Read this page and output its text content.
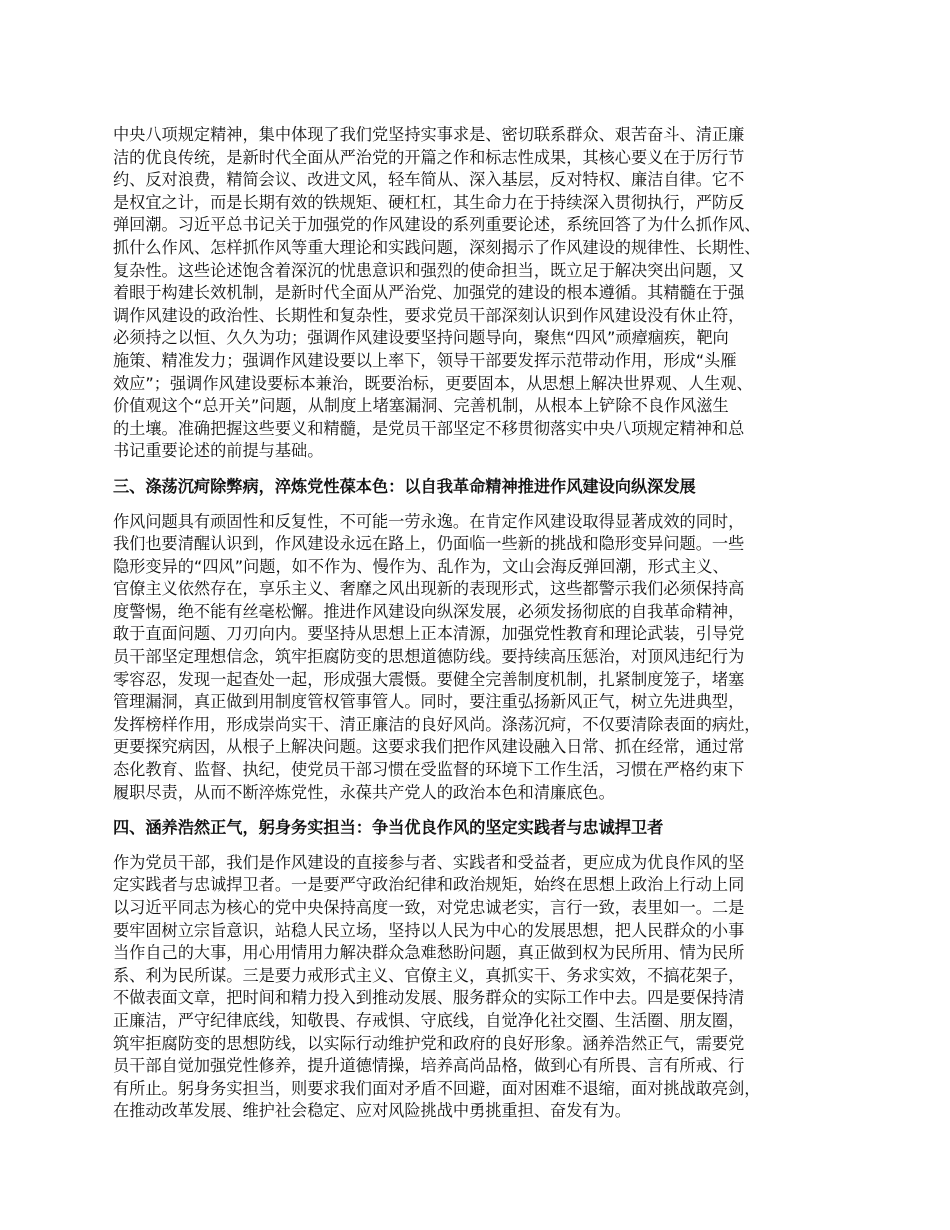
中央八项规定精神，集中体现了我们党坚持实事求是、密切联系群众、艰苦奋斗、清正廉
洁的优良传统，是新时代全面从严治党的开篇之作和标志性成果，其核心要义在于厉行节
约、反对浪费，精简会议、改进文风，轻车简从、深入基层，反对特权、廉洁自律。它不
是权宜之计，而是长期有效的铁规矩、硬杠杠，其生命力在于持续深入贯彻执行，严防反
弹回潮。习近平总书记关于加强党的作风建设的系列重要论述，系统回答了为什么抓作风、
抓什么作风、怎样抓作风等重大理论和实践问题，深刻揭示了作风建设的规律性、长期性、
复杂性。这些论述饱含着深沉的忧患意识和强烈的使命担当，既立足于解决突出问题，又
着眼于构建长效机制，是新时代全面从严治党、加强党的建设的根本遵循。其精髓在于强
调作风建设的政治性、长期性和复杂性，要求党员干部深刻认识到作风建设没有休止符，
必须持之以恒、久久为功；强调作风建设要坚持问题导向，聚焦“四风”顽瘴痼疾，靶向
施策、精准发力；强调作风建设要以上率下，领导干部要发挥示范带动作用，形成“头雁
效应”；强调作风建设要标本兼治，既要治标，更要固本，从思想上解决世界观、人生观、
价值观这个“总开关”问题，从制度上堵塞漏洞、完善机制，从根本上铲除不良作风滋生
的土壤。准确把握这些要义和精髓，是党员干部坚定不移贯彻落实中央八项规定精神和总
书记重要论述的前提与基础。

三、涤荡沉疴除弊病，淬炼党性葆本色：以自我革命精神推进作风建设向纵深发展

作风问题具有顽固性和反复性，不可能一劳永逸。在肯定作风建设取得显著成效的同时，
我们也要清醒认识到，作风建设永远在路上，仍面临一些新的挑战和隐形变异问题。一些
隐形变异的“四风”问题，如不作为、慢作为、乱作为，文山会海反弹回潮，形式主义、
官僚主义依然存在，享乐主义、奢靡之风出现新的表现形式，这些都警示我们必须保持高
度警惕，绝不能有丝毫松懈。推进作风建设向纵深发展，必须发扬彻底的自我革命精神，
敢于直面问题、刀刃向内。要坚持从思想上正本清源，加强党性教育和理论武装，引导党
员干部坚定理想信念，筑牢拒腐防变的思想道德防线。要持续高压惩治，对顶风违纪行为
零容忍，发现一起查处一起，形成强大震慑。要健全完善制度机制，扎紧制度笼子，堵塞
管理漏洞，真正做到用制度管权管事管人。同时，要注重弘扬新风正气，树立先进典型，
发挥榜样作用，形成崇尚实干、清正廉洁的良好风尚。涤荡沉疴，不仅要清除表面的病灶，
更要探究病因，从根子上解决问题。这要求我们把作风建设融入日常、抓在经常，通过常
态化教育、监督、执纪，使党员干部习惯在受监督的环境下工作生活，习惯在严格约束下
履职尽责，从而不断淬炼党性，永葆共产党人的政治本色和清廉底色。

四、涵养浩然正气，躬身务实担当：争当优良作风的坚定实践者与忠诚捍卫者

作为党员干部，我们是作风建设的直接参与者、实践者和受益者，更应成为优良作风的坚
定实践者与忠诚捍卫者。一是要严守政治纪律和政治规矩，始终在思想上政治上行动上同
以习近平同志为核心的党中央保持高度一致，对党忠诚老实，言行一致，表里如一。二是
要牢固树立宗旨意识，站稳人民立场，坚持以人民为中心的发展思想，把人民群众的小事
当作自己的大事，用心用情用力解决群众急难愁盼问题，真正做到权为民所用、情为民所
系、利为民所谋。三是要力戒形式主义、官僚主义，真抓实干、务求实效，不搞花架子，
不做表面文章，把时间和精力投入到推动发展、服务群众的实际工作中去。四是要保持清
正廉洁，严守纪律底线，知敬畏、存戒惧、守底线，自觉净化社交圈、生活圈、朋友圈，
筑牢拒腐防变的思想防线，以实际行动维护党和政府的良好形象。涵养浩然正气，需要党
员干部自觉加强党性修养，提升道德情操，培养高尚品格，做到心有所畏、言有所戒、行
有所止。躬身务实担当，则要求我们面对矛盾不回避，面对困难不退缩，面对挑战敢亮剑，
在推动改革发展、维护社会稳定、应对风险挑战中勇挑重担、奋发有为。
